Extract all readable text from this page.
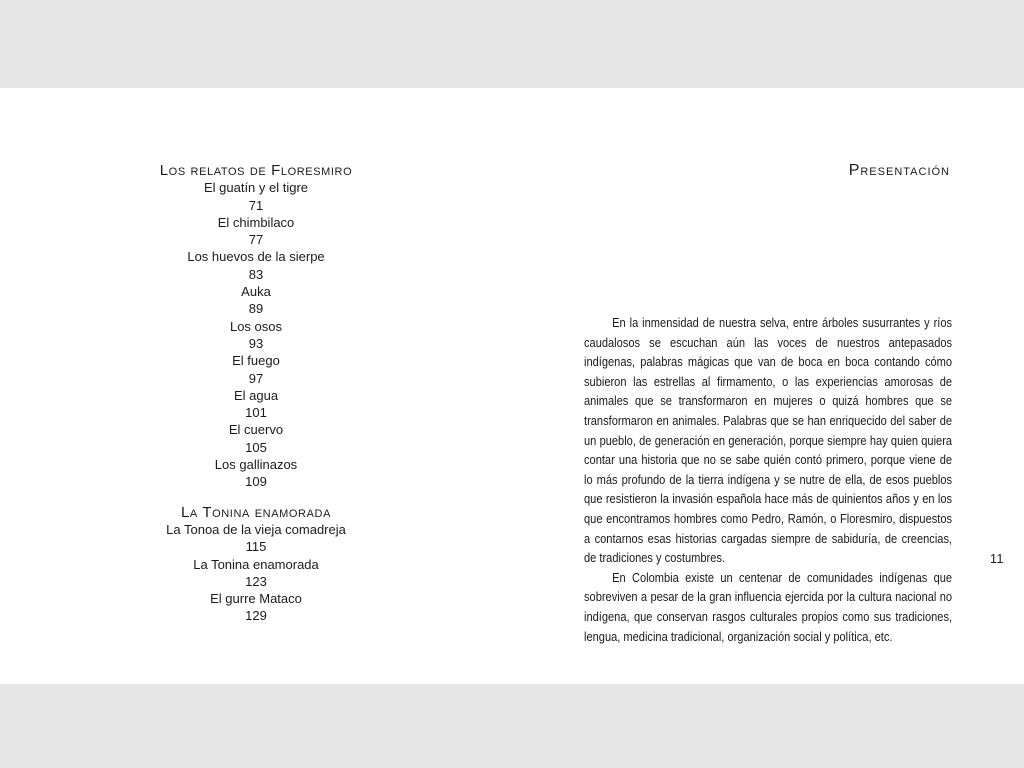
Los relatos de Floresmiro
El guatín y el tigre
71
El chimbilaco
77
Los huevos de la sierpe
83
Auka
89
Los osos
93
El fuego
97
El agua
101
El cuervo
105
Los gallinazos
109
La Tonina enamorada
La Tonoa de la vieja comadreja
115
La Tonina enamorada
123
El gurre Mataco
129
Presentación

En la inmensidad de nuestra selva, entre árboles susurrantes y ríos caudalosos se escuchan aún las voces de nuestros antepasados indígenas, palabras mágicas que van de boca en boca contando cómo subieron las estrellas al firmamento, o las experiencias amorosas de animales que se transformaron en mujeres o quizá hombres que se transformaron en animales. Palabras que se han enriquecido del saber de un pueblo, de generación en generación, porque siempre hay quien quiera contar una historia que no se sabe quién contó primero, porque viene de lo más profundo de la tierra indígena y se nutre de ella, de esos pueblos que resistieron la invasión española hace más de quinientos años y en los que encontramos hombres como Pedro, Ramón, o Floresmiro, dispuestos a contarnos esas historias cargadas siempre de sabiduría, de creencias, de tradiciones y costumbres.

En Colombia existe un centenar de comunidades indígenas que sobreviven a pesar de la gran influencia ejercida por la cultura nacional no indígena, que conservan rasgos culturales propios como sus tradiciones, lengua, medicina tradicional, organización social y política, etc.

11
